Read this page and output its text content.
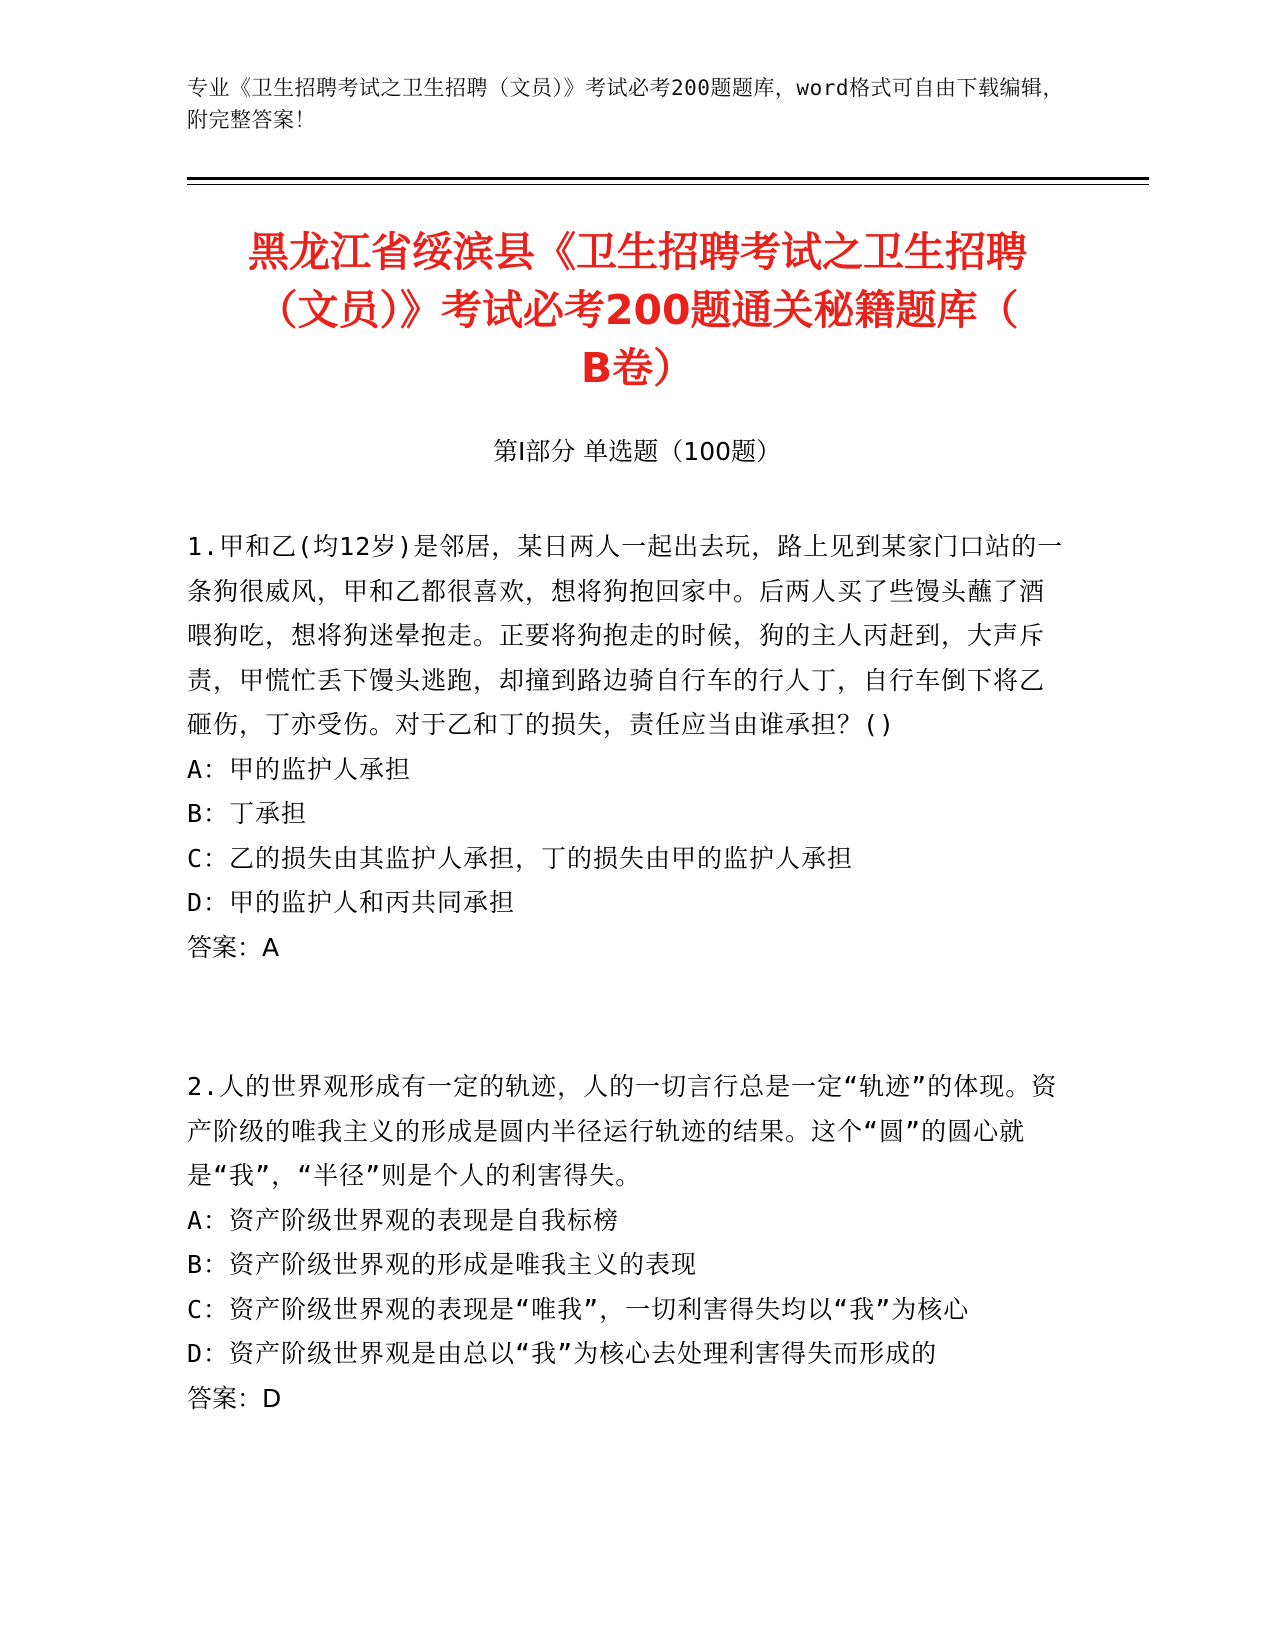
专业《卫生招聘考试之卫生招聘（文员）》考试必考200题题库，word格式可自由下载编辑，附完整答案！
黑龙江省绥滨县《卫生招聘考试之卫生招聘
（文员）》考试必考200题通关秘籍题库（
B卷）
第Ⅰ部分 单选题（100题）

1.甲和乙(均12岁)是邻居，某日两人一起出去玩，路上见到某家门口站的一条狗很威风，甲和乙都很喜欢，想将狗抱回家中。后两人买了些馒头蘸了酒喂狗吃，想将狗迷晕抱走。正要将狗抱走的时候，狗的主人丙赶到，大声斥责，甲慌忙丢下馒头逃跑，却撞到路边骑自行车的行人丁，自行车倒下将乙砸伤，丁亦受伤。对于乙和丁的损失，责任应当由谁承担？()

A：甲的监护人承担

B：丁承担

C：乙的损失由其监护人承担，丁的损失由甲的监护人承担

D：甲的监护人和丙共同承担

答案：A

2.人的世界观形成有一定的轨迹，人的一切言行总是一定“轨迹”的体现。资产阶级的唯我主义的形成是圆内半径运行轨迹的结果。这个“圆”的圆心就是“我”，“半径”则是个人的利害得失。

A：资产阶级世界观的表现是自我标榜

B：资产阶级世界观的形成是唯我主义的表现

C：资产阶级世界观的表现是“唯我”，一切利害得失均以“我”为核心

D：资产阶级世界观是由总以“我”为核心去处理利害得失而形成的

答案：D
